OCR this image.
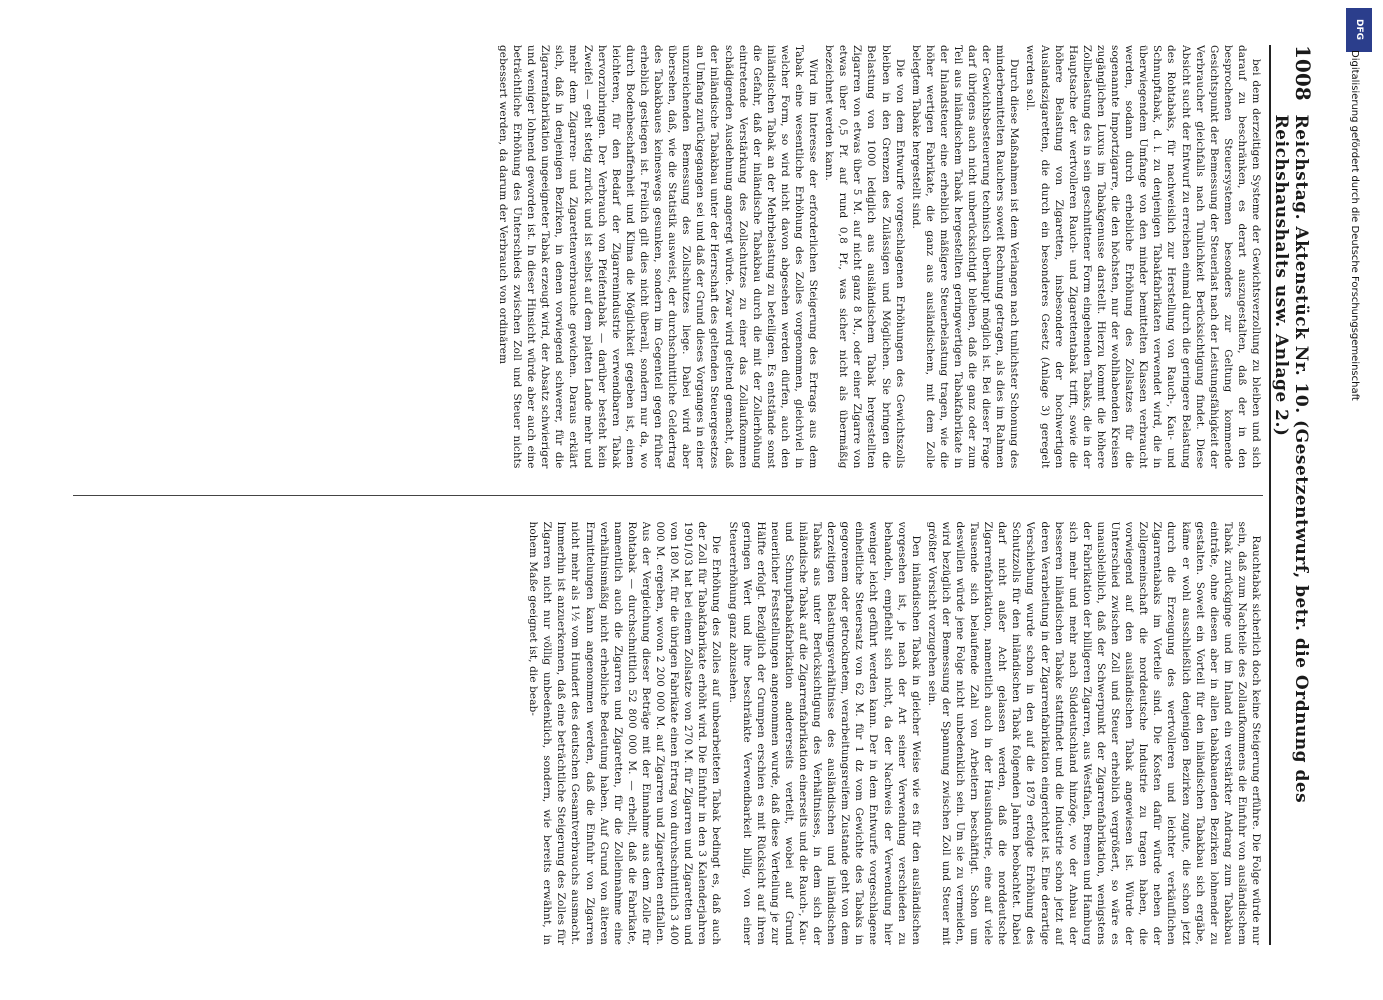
1008
Reichstag. Aktenstück Nr. 10. (Gesetzentwurf, betr. die Ordnung des Reichshaushalts usw. Anlage 2.)

bei dem derzeitigen Systeme der Gewichtsverzollung zu bleiben und sich darauf zu beschränken, es derart auszugestalten, daß der in den besprochenen Steuersystemen besonders zur Geltung kommende Gesichtspunkt der Bemessung der Steuerlast nach der Leistungsfähigkeit der Verbraucher gleichfalls nach Tunlichkeit Berücksichtigung findet. Diese Absicht sucht der Entwurf zu erreichen einmal durch die geringere Belastung des Rohtabaks, für nachweislich zur Herstellung von Rauch-, Kau- und Schnupftabak, d. i. zu denjenigen Tabakfabrikaten verwendet wird, die in überwiegendem Umfange von den minder bemittelten Klassen verbraucht werden, sodann durch erhebliche Erhöhung des Zollsatzes für die sogenannte Importzigarre, die den höchsten, nur der wohlhabenden Kreisen zugänglichen Luxus im Tabakgenusse darstellt. Hierzu kommt die höhere Zollbelastung des in sein geschnittener Form eingehenden Tabaks, die in der Hauptsache der wertvolleren Rauch- und Zigarettentabak trifft, sowie die höhere Belastung von Zigaretten, insbesondere der hochwertigen Auslandszigaretten, die durch ein besonderes Gesetz (Anlage 3) geregelt werden soll.

Durch diese Maßnahmen ist dem Verlangen nach tunlichster Schonung des minderbemittelten Rauchers soweit Rechnung getragen, als dies im Rahmen der Gewichtsbesteuerung technisch überhaupt möglich ist. Bei dieser Frage darf übrigens auch nicht unberücksichtigt bleiben, daß die ganz oder zum Teil aus inländischem Tabak hergestellten geringwertigen Tabakfabrikate in der Inlandsteuer eine erheblich mäßigere Steuerbelastung tragen, wie die höher wertigen Fabrikate, die ganz aus ausländischem, mit dem Zolle belegtem Tabake hergestellt sind.

Die von dem Entwurfe vorgeschlagenen Erhöhungen des Gewichtszolls bleiben in den Grenzen des Zulässigen und Möglichen. Sie bringen die Belastung von 1000 lediglich aus ausländischem Tabak hergestellten Zigarren von etwas über 5 M. auf nicht ganz 8 M., oder einer Zigarre von etwas über 0,5 Pf. auf rund 0,8 Pf., was sicher nicht als übermäßig bezeichnet werden kann.

Wird im Interesse der erforderlichen Steigerung des Ertrags aus dem Tabak eine wesentliche Erhöhung des Zolles vorgenommen, gleichviel in welcher Form, so wird nicht davon abgesehen werden dürfen, auch den inländischen Tabak an der Mehrbelastung zu beteiligen. Es entstände sonst die Gefahr, daß der inländische Tabakbau durch die mit der Zollerhöhung eintretende Verstärkung des Zollschutzes zu einer das Zollaufkommen schädigenden Ausdehnung angeregt würde. Zwar wird geltend gemacht, daß der inländische Tabakbau unter der Herrschaft des geltenden Steuergesetzes an Umfang zurückgegangen sei und daß der Grund dieses Vorganges in einer unzureichenden Bemessung des Zollschutzes liege. Dabei wird aber übersehen, daß, wie die Statistik ausweist, der durchschnittliche Geldertrag des Tabakbaues keineswegs gesunken, sondern im Gegenteil gegen früher erheblich gestiegen ist. Freilich gilt dies nicht überall, sondern nur da, wo durch Bodenbeschaffenheit und Klima die Möglichkeit gegeben ist, einen leichteren, für den Bedarf der Zigarrenindustrie verwendbaren Tabak hervorzubringen. Der Verbrauch von Pfeifentabak — darüber besteht kein Zweifel — geht stetig zurück und ist selbst auf dem platten Lande mehr und mehr dem Zigarren- und Zigarettenverbrauche gewichen. Daraus erklärt sich, daß in denjenigen Bezirken, in denen vorwiegend schwerer, für die Zigarrenfabrikation ungeeigneter Tabak erzeugt wird, der Absatz schwieriger und weniger lohnend geworden ist. In dieser Hinsicht würde aber auch eine beträchtliche Erhöhung des Unterschieds zwischen Zoll und Steuer nichts gebessert werden, da darum der Verbrauch von ordinärem

Rauchtabak sicherlich doch keine Steigerung erführe. Die Folge würde nur sein, daß zum Nachteile des Zollaufkommens die Einfuhr von ausländischem Tabak zurückginge und im Inland ein verstärkter Andrang zum Tabakbau eintrâte, ohne diesen aber in allen tabakbauenden Bezirken lohnender zu gestalten. Soweit ein Vorteil für den inländischen Tabakbau sich ergäbe, käme er wohl ausschließlich denjenigen Bezirken zugute, die schon jetzt durch die Erzeugung des wertvolleren und leichter verkäuflichen Zigarrentabaks im Vorteile sind. Die Kosten dafür würde neben der Zollgemeinschaft die norddeutsche Industrie zu tragen haben, die vorwiegend auf den ausländischen Tabak angewiesen ist. Würde der Unterschied zwischen Zoll und Steuer erheblich vergrößert, so wäre es unausbleiblich, daß der Schwerpunkt der Zigarrenfabrikation, wenigstens der Fabrikation der billigeren Zigarren, aus Westfalen, Bremen und Hamburg sich mehr und mehr nach Süddeutschland hinzöge, wo der Anbau der besseren inländischen Tabake stattfindet und die Industrie schon jetzt auf deren Verarbeitung in der Zigarrenfabrikation eingerichtet ist. Eine derartige Verschiebung wurde schon in den auf die 1879 erfolgte Erhöhung des Schutzzolls für den inländischen Tabak folgenden Jahren beobachtet. Dabei darf nicht außer Acht gelassen werden, daß die norddeutsche Zigarrenfabrikation, namentlich auch in der Hausindustrie, eine auf viele Tausende sich belaufende Zahl von Arbeitern beschäftigt. Schon um deswillen würde jene Folge nicht unbedenklich sein. Um sie zu vermeiden, wird bezüglich der Bemessung der Spannung zwischen Zoll und Steuer mit größter Vorsicht vorzugehen sein.

Den inländischen Tabak in gleicher Weise wie es für den ausländischen vorgesehen ist, je nach der Art seiner Verwendung verschieden zu behandeln, empfiehlt sich nicht, da der Nachweis der Verwendung hier weniger leicht geführt werden kann. Der in dem Entwurfe vorgeschlagene einheitliche Steuersatz von 62 M. für 1 dz vom Gewichte des Tabaks in gegorenem oder getrocknetem, verarbeitungsreifem Zustande geht von dem derzeitigen Belastungsverhältnisse des ausländischen und inländischen Tabaks aus unter Berücksichtigung des Verhältnisses, in dem sich der inländische Tabak auf die Zigarrenfabrikation einerseits und die Rauch-, Kau- und Schnupftabakfabrikation andererseits verteilt, wobei auf Grund neuerlicher Feststellungen angenommen wurde, daß diese Verteilung je zur Hälfte erfolgt. Bezüglich der Grumpen erschien es mit Rücksicht auf ihren geringen Wert und ihre beschränkte Verwendbarkeit billig, von einer Steuererhöhung ganz abzusehen.

Die Erhöhung des Zolles auf unbearbeiteten Tabak bedingt es, daß auch der Zoll für Tabakfabrikate erhöht wird. Die Einfuhr in den 3 Kalenderjahren 1901/03 hat bei einem Zollsatze von 270 M. für Zigarren und Zigaretten und von 180 M. für die übrigen Fabrikate einen Ertrag von durchschnittlich 3 400 000 M. ergeben, wovon 2 200 000 M. auf Zigarren und Zigaretten entfallen. Aus der Vergleichung dieser Beträge mit der Einnahme aus dem Zolle für Rohtabak — durchschnittlich 52 800 000 M. — erhellt, daß die Fabrikate, namentlich auch die Zigarren und Zigaretten, für die Zolleinnahme eine verhältnismäßig nicht erhebliche Bedeutung haben. Auf Grund von älteren Ermittelungen kann angenommen werden, daß die Einfuhr von Zigarren nicht mehr als 1½ vom Hundert des deutschen Gesamtverbrauchs ausmacht. Immerhin ist anzuerkennen, daß eine beträchtliche Steigerung des Zolles für Zigarren nicht nur völlig unbedenklich, sondern, wie bereits erwähnt, in hohem Maße geeignet ist, die beab-

DFG
Digitalisierung gefördert durch die Deutsche Forschungsgemeinschaft
